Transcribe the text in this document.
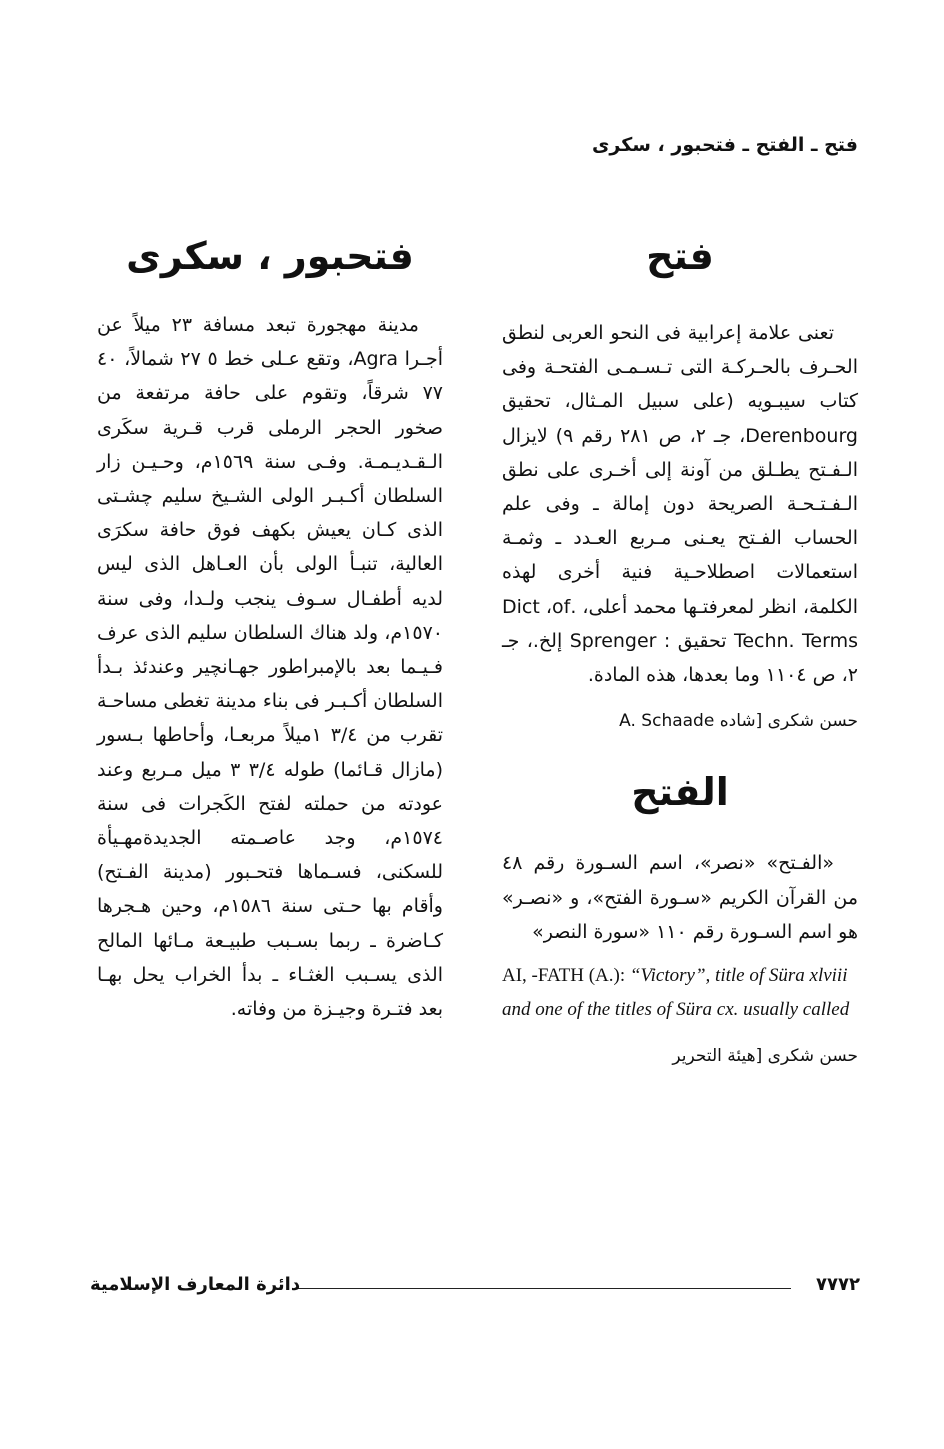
فتح ـ الفتح ـ فتحبور ، سكرى
فتح

تعنى علامة إعرابية فى النحو العربى لنطق الحـرف بالحـركـة التى تـسـمـى الفتحـة وفى كتاب سيبـويه (على سبيل المـثال، تحقيق Derenbourg، جـ ٢، ص ٢٨١ رقم ٩) لايزال الـفـتح يطـلق من آونة إلى أخـرى على نطق الـفـتـحـة الصريحة دون إمالة ـ وفى علم الحساب الفـتح يعـنى مـربع العـدد ـ وثمـة استعمالات اصطلاحـية فنية أخرى لهذه الكلمة، انظر لمعرفتـها محمد أعلى، .Dict ،of Techn. Terms تحقيق : Sprenger إلخ.، جـ ٢، ص ١١٠٤ وما بعدها، هذه المادة.

حسن شكرى [شاده A. Schaade

الفتح

«الفـتح» «نصر»، اسم السـورة رقم ٤٨ من القرآن الكريم «سـورة الفتح»، و «نصـر» هو اسم السـورة رقم ١١٠ «سورة النصر»

AI, -FATH (A.): “Victory”, title of Süra xlviii and one of the titles of Süra cx. usually called

حسن شكرى [هيئة التحرير

فتحبور ، سكرى

مدينة مهجورة تبعد مسافة ٢٣ ميلاً عن أجـرا Agra، وتقع عـلى خط ٥ ٢٧ شمالاً، ٤٠ ٧٧ شرقاً، وتقوم على حافة مرتفعة من صخور الحجر الرملى قرب قـرية سكَرى الـقـديـمـة. وفـى سنة ١٥٦٩م، وحـيـن زار السلطان أكـبـر الولى الشـيخ سليم چشـتى الذى كـان يعيش بكهف فوق حافة سكرَى العالية، تنبـأ الولى بأن العـاهل الذى ليس لديه أطفـال سـوف ينجب ولـدا، وفى سنة ١٥٧٠م، ولد هناك السلطان سليم الذى عرف فـيـما بعد بالإمبراطور جهـانچير وعندئذ بـدأ السلطان أكـبـر فى بناء مدينة تغطى مساحـة تقرب من ٣/٤ ١ميلاً مربعـا، وأحاطها بـسور (مازال قـائما) طوله ٣/٤ ٣ ميل مـربع وعند عودته من حملته لفتح الكَجرات فى سنة ١٥٧٤م، وجد عاصـمته الجديدةمهـيأة للسكنى، فسـماها فتحـبور (مدينة الفـتح) وأقام بها حـتى سنة ١٥٨٦م، وحين هـجرها كـاضرة ـ ربما بسـبب طبيـعة مـائها المالح الذى يسـبب الغثـاء ـ بدأ الخراب يحل بهـا بعد فتـرة وجيـزة من وفاته.

٧٧٧٢
دائرة المعارف الإسلامية
